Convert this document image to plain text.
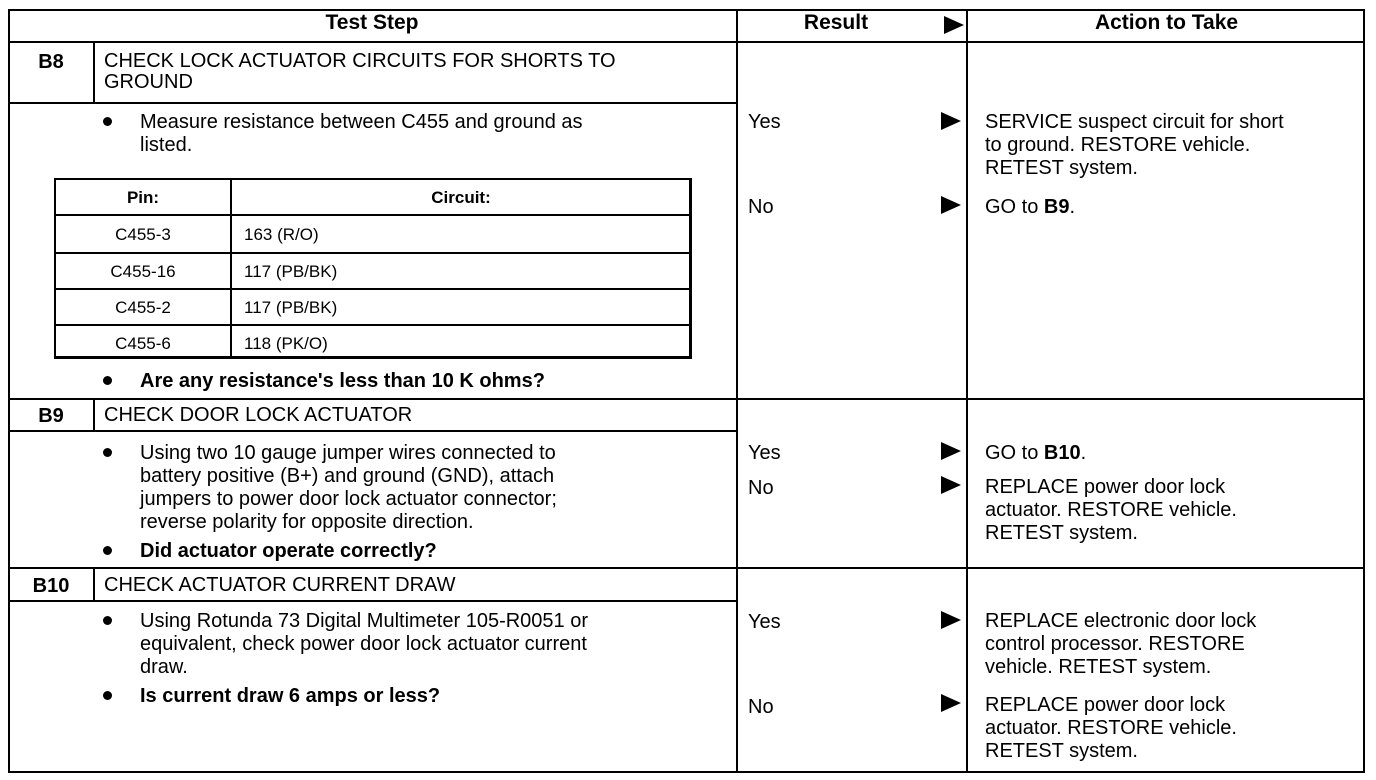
Test Step	Result	Action to Take
B8	CHECK LOCK ACTUATOR CIRCUITS FOR SHORTS TO
GROUND
Measure resistance between C455 and ground as
listed.
Pin:	Circuit:
C455-3	163 (R/O)
C455-16	117 (PB/BK)
C455-2	117 (PB/BK)
C455-6	118 (PK/O)
Are any resistance's less than 10 K ohms?
Yes	SERVICE suspect circuit for short
to ground. RESTORE vehicle.
RETEST system.
No	GO to B9.
B9	CHECK DOOR LOCK ACTUATOR
Using two 10 gauge jumper wires connected to
battery positive (B+) and ground (GND), attach
jumpers to power door lock actuator connector;
reverse polarity for opposite direction.
Did actuator operate correctly?
Yes	GO to B10.
No	REPLACE power door lock
actuator. RESTORE vehicle.
RETEST system.
B10	CHECK ACTUATOR CURRENT DRAW
Using Rotunda 73 Digital Multimeter 105-R0051 or
equivalent, check power door lock actuator current
draw.
Is current draw 6 amps or less?
Yes	REPLACE electronic door lock
control processor. RESTORE
vehicle. RETEST system.
No	REPLACE power door lock
actuator. RESTORE vehicle.
RETEST system.
